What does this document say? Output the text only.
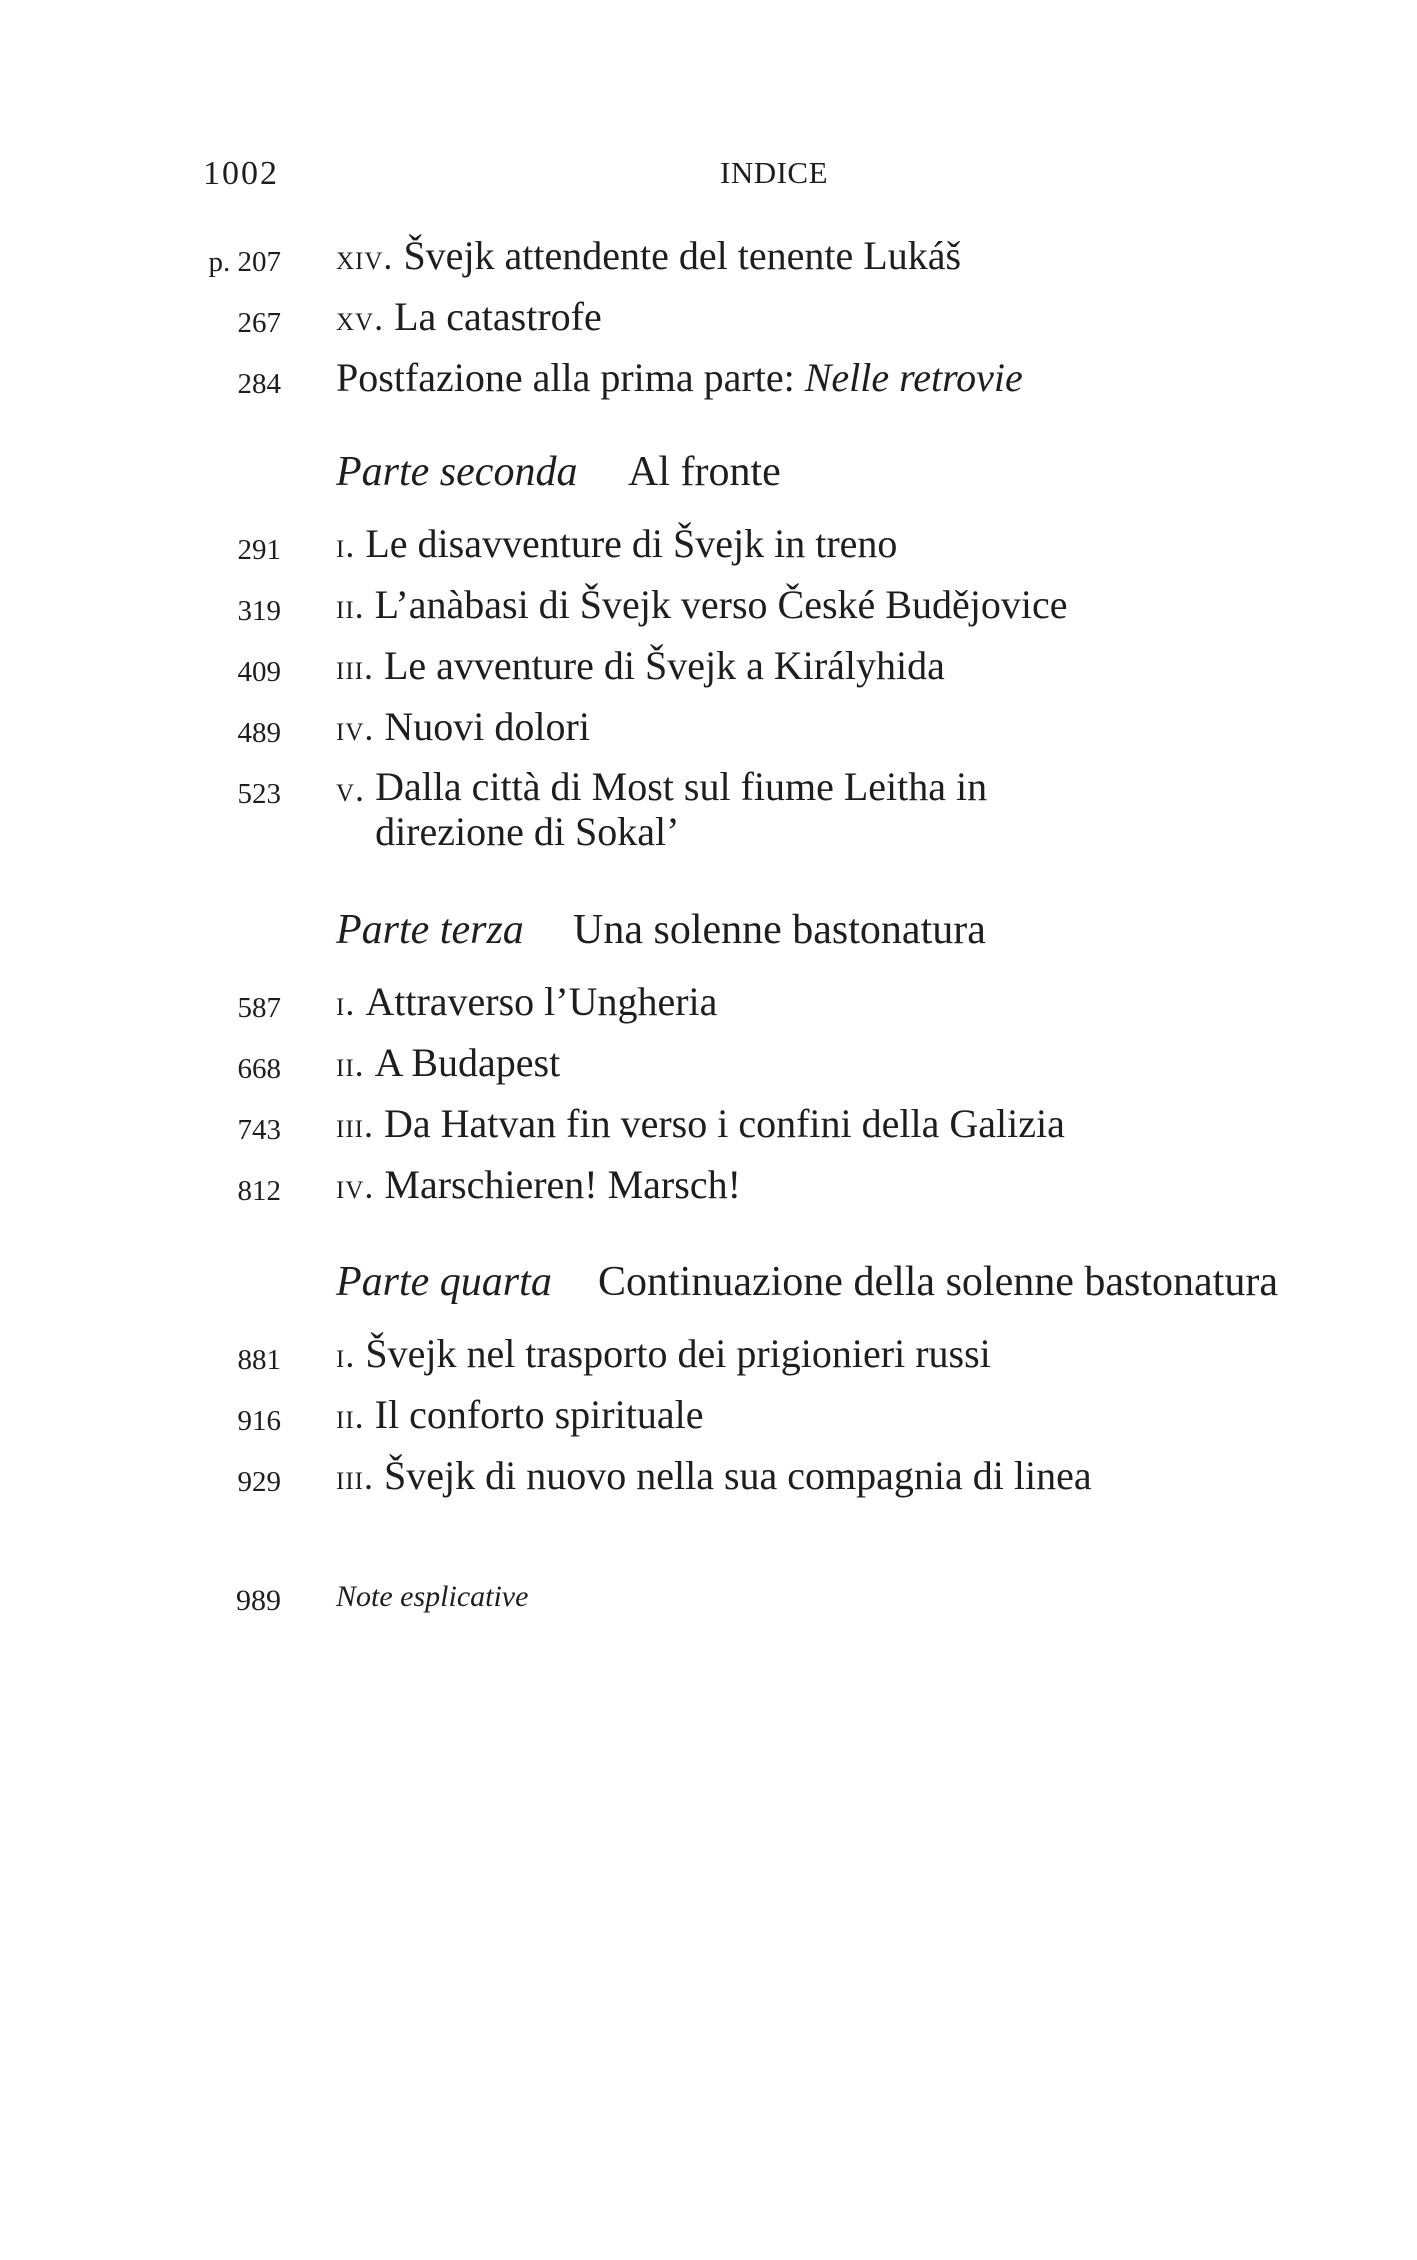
1002	INDICE
p. 207 xiv. Švejk attendente del tenente Lukáš
267 xv. La catastrofe
284 Postfazione alla prima parte: Nelle retrovie
Parte seconda Al fronte
291 i. Le disavventure di Švejk in treno
319 ii. L’anàbasi di Švejk verso České Budějovice
409 iii. Le avventure di Švejk a Királyhida
489 iv. Nuovi dolori
523 v. Dalla città di Most sul fiume Leitha in direzione di Sokal’
Parte terza Una solenne bastonatura
587 i. Attraverso l’Ungheria
668 ii. A Budapest
743 iii. Da Hatvan fin verso i confini della Galizia
812 iv. Marschieren! Marsch!
Parte quarta Continuazione della solenne bastonatura
881 i. Švejk nel trasporto dei prigionieri russi
916 ii. Il conforto spirituale
929 iii. Švejk di nuovo nella sua compagnia di linea
989 Note esplicative
